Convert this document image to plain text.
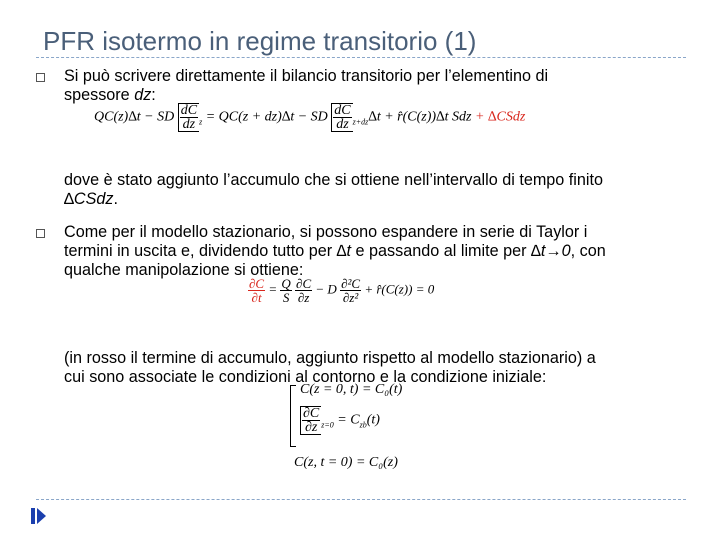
PFR isotermo in regime transitorio (1)
Si può scrivere direttamente il bilancio transitorio per l’elementino di
spessore dz:
QC(z)∆t − SD $\frac{dC}{dz} _z = QC(z + dz)\Delta t$ − SD $\frac{dC}{dz} _{z+dz}\Delta t$ + r̂(C(z))∆t Sdz + ∆CSdz
dove è stato aggiunto l’accumulo che si ottiene nell’intervallo di tempo finito
∆CSdz.
Come per il modello stazionario, si possono espandere in serie di Taylor i
termini in uscita e, dividendo tutto per ∆t e passando al limite per ∆t→0, con
qualche manipolazione si ottiene:
$\frac{\partial C}{\partial t} = \frac{Q}{S}$
$\frac{\partial C}{\partial z} - D \frac{\text{∂²C}}{\text{∂z²}}$ + r̂(C(z)) = 0
(in rosso il termine di accumulo, aggiunto rispetto al modello stazionario) a
cui sono associate le condizioni al contorno e la condizione iniziale:
C(z = 0, t) = C₀(t)
$\frac{\partial C}{\partial z} _{z=0} = C_{zb}(t)$
C(z, t = 0) = C₀(z)
